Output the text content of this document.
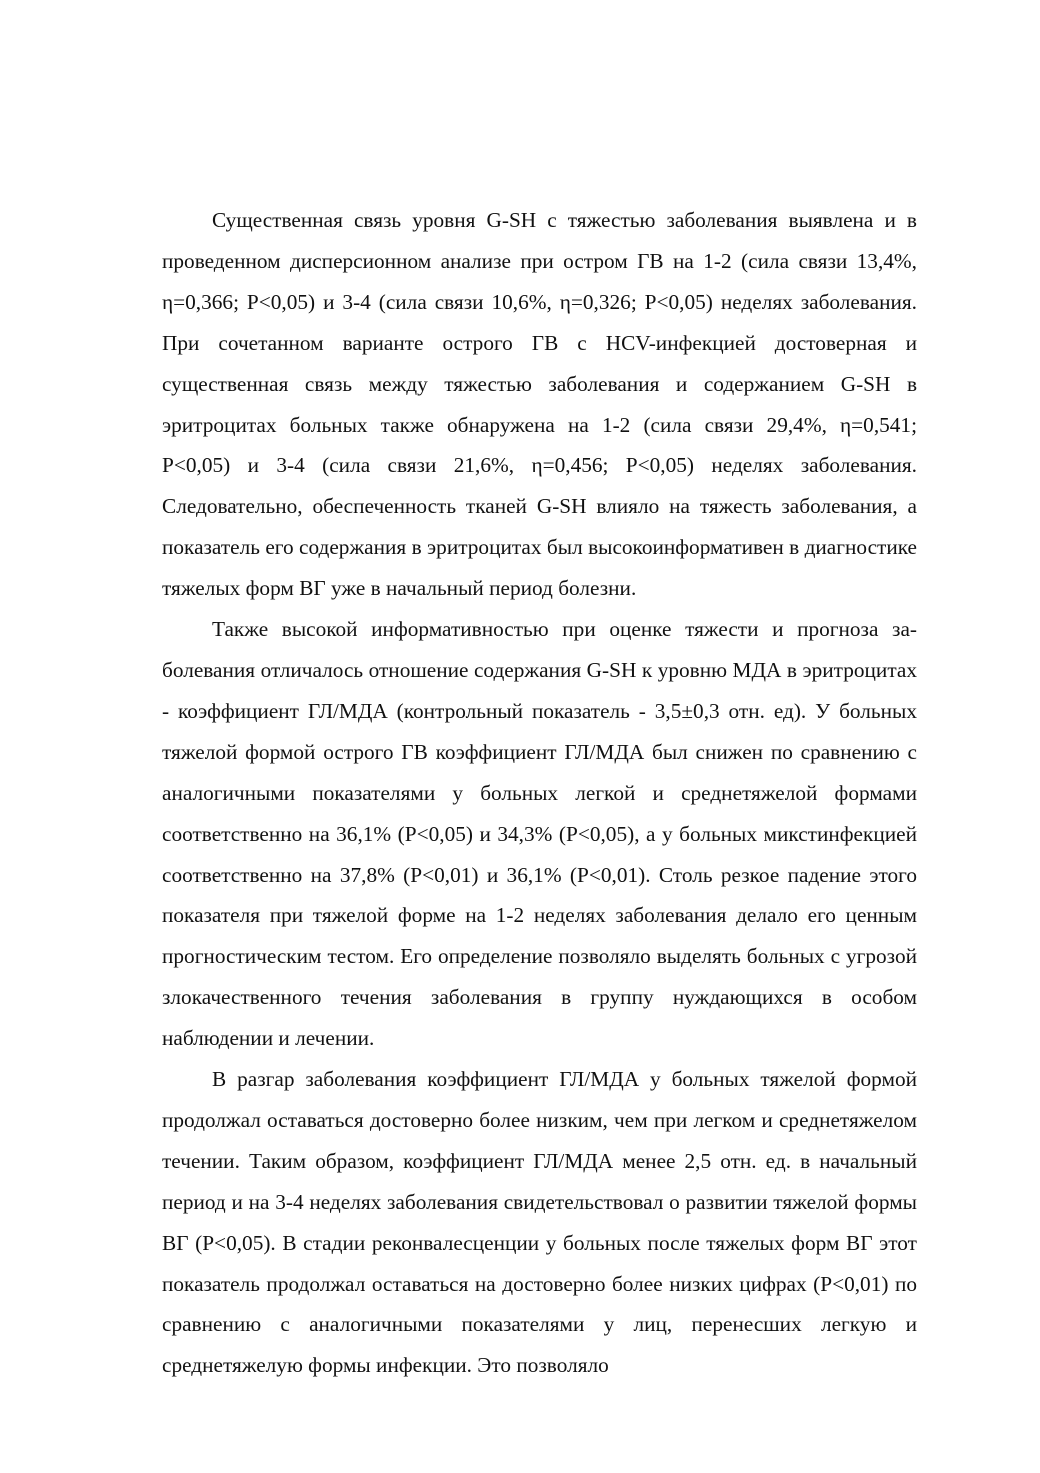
Существенная связь уровня G-SH с тяжестью заболевания выявлена и в проведенном дисперсионном анализе при остром ГВ на 1-2 (сила связи 13,4%, η=0,366; P<0,05) и 3-4 (сила связи 10,6%, η=0,326; P<0,05) неделях заболевания. При сочетанном варианте острого ГВ с HCV-инфекцией достоверная и существенная связь между тяжестью заболевания и содержанием G-SH в эритроцитах больных также обнаружена на 1-2 (сила связи 29,4%, η=0,541; P<0,05) и 3-4 (сила связи 21,6%, η=0,456; P<0,05) неделях заболевания. Следовательно, обеспеченность тканей G-SH влияло на тяжесть заболевания, а показатель его содержания в эритроцитах был высокоинформативен в диагностике тяжелых форм ВГ уже в начальный период болезни.

Также высокой информативностью при оценке тяжести и прогноза заболевания отличалось отношение содержания G-SH к уровню МДА в эритроцитах - коэффициент ГЛ/МДА (контрольный показатель - 3,5±0,3 отн. ед). У больных тяжелой формой острого ГВ коэффициент ГЛ/МДА был снижен по сравнению с аналогичными показателями у больных легкой и среднетяжелой формами соответственно на 36,1% (P<0,05) и 34,3% (P<0,05), а у больных микстинфекцией соответственно на 37,8% (P<0,01) и 36,1% (P<0,01). Столь резкое падение этого показателя при тяжелой форме на 1-2 неделях заболевания делало его ценным прогностическим тестом. Его определение позволяло выделять больных с угрозой злокачественного течения заболевания в группу нуждающихся в особом наблюдении и лечении.

В разгар заболевания коэффициент ГЛ/МДА у больных тяжелой формой продолжал оставаться достоверно более низким, чем при легком и среднетяжелом течении. Таким образом, коэффициент ГЛ/МДА менее 2,5 отн. ед. в начальный период и на 3-4 неделях заболевания свидетельствовал о развитии тяжелой формы ВГ (P<0,05). В стадии реконвалесценции у больных после тяжелых форм ВГ этот показатель продолжал оставаться на достоверно более низких цифрах (P<0,01) по сравнению с аналогичными показателями у лиц, перенесших легкую и среднетяжелую формы инфекции. Это позволяло
